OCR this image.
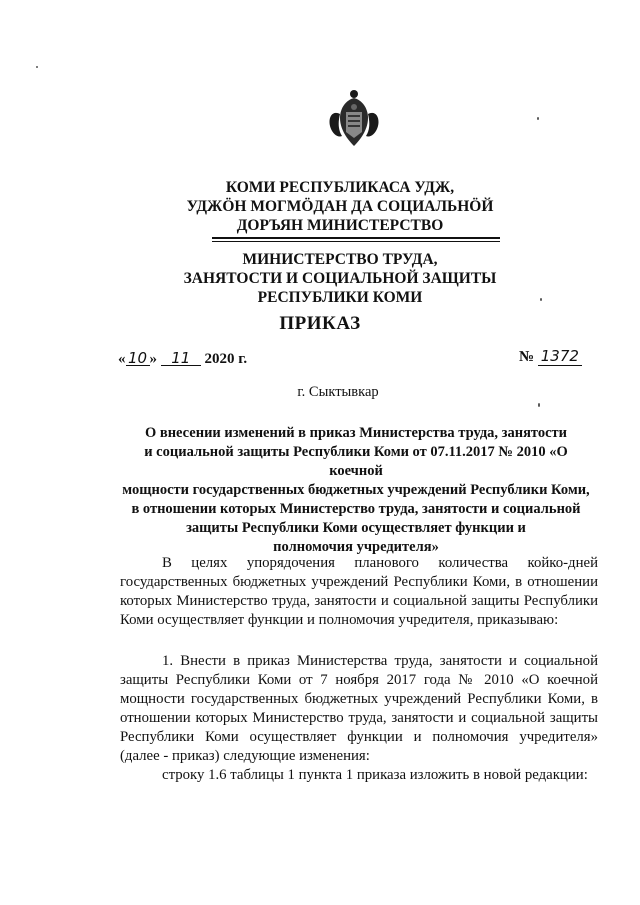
КОМИ РЕСПУБЛИКАСА УДЖ,
УДЖӦН МОГМӦДАН ДА СОЦИАЛЬНӦЙ
ДОРЪЯН МИНИСТЕРСТВО
МИНИСТЕРСТВО ТРУДА,
ЗАНЯТОСТИ И СОЦИАЛЬНОЙ ЗАЩИТЫ
РЕСПУБЛИКИ КОМИ
ПРИКАЗ
« 10 » 11 2020 г.	№ 1372
г. Сыктывкар
О внесении изменений в приказ Министерства труда, занятости
и социальной защиты Республики Коми от 07.11.2017 № 2010 «О коечной
мощности государственных бюджетных учреждений Республики Коми,
в отношении которых Министерство труда, занятости и социальной
защиты Республики Коми осуществляет функции и
полномочия учредителя»
В целях упорядочения планового количества койко-дней государственных бюджетных учреждений Республики Коми, в отношении которых Министерство труда, занятости и социальной защиты Республики Коми осуществляет функции и полномочия учредителя, приказываю:
1. Внести в приказ Министерства труда, занятости и социальной защиты Республики Коми от 7 ноября 2017 года № 2010 «О коечной мощности государственных бюджетных учреждений Республики Коми, в отношении которых Министерство труда, занятости и социальной защиты Республики Коми осуществляет функции и полномочия учредителя» (далее - приказ) следующие изменения:
строку 1.6 таблицы 1 пункта 1 приказа изложить в новой редакции:
